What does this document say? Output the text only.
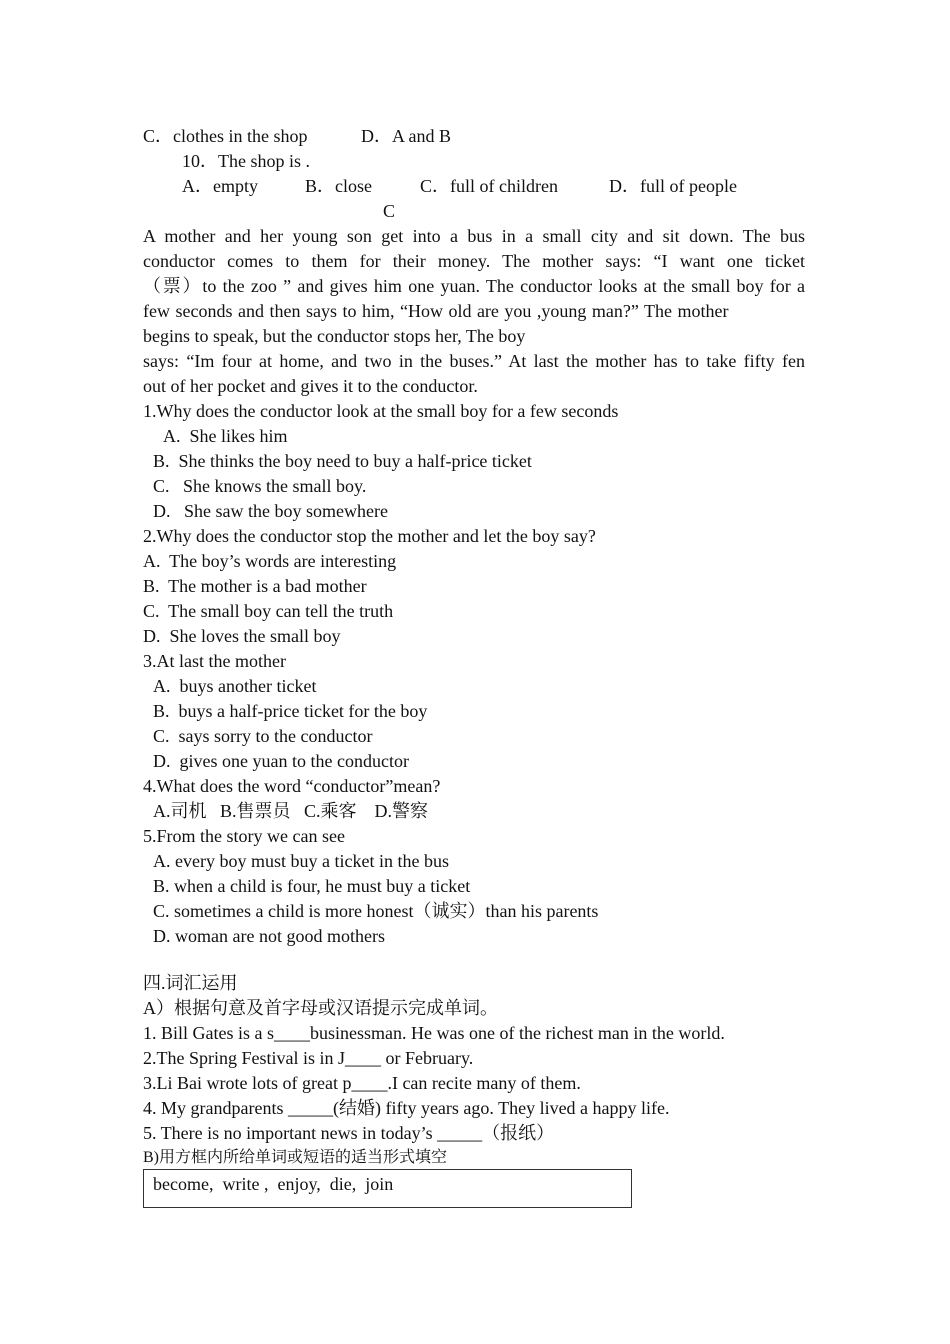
C．clothes in the shop	D．A and B
10．The shop is .
A．empty	B．close	C．full of children	D．full of people
C
A mother and her young son get into a bus in a small city and sit down. The bus
conductor comes to them for their money. The mother says: “I want one ticket
（票）to the zoo ” and gives him one yuan. The conductor looks at the small boy for a
few seconds and then says to him, “How old are you ,young man?” The mother
begins to speak, but the conductor stops her, The boy
says: “Im four at home, and two in the buses.” At last the mother has to take fifty fen
out of her pocket and gives it to the conductor.
1.Why does the conductor look at the small boy for a few seconds
A.  She likes him
B.  She thinks the boy need to buy a half-price ticket
C.   She knows the small boy.
D.   She saw the boy somewhere
2.Why does the conductor stop the mother and let the boy say?
A.  The boy’s words are interesting
B.  The mother is a bad mother
C.  The small boy can tell the truth
D.  She loves the small boy
3.At last the mother
A.  buys another ticket
B.  buys a half-price ticket for the boy
C.  says sorry to the conductor
D.  gives one yuan to the conductor
4.What does the word “conductor”mean?
A.司机   B.售票员   C.乘客    D.警察
5.From the story we can see
A. every boy must buy a ticket in the bus
B. when a child is four, he must buy a ticket
C. sometimes a child is more honest（诚实）than his parents
D. woman are not good mothers
四.词汇运用
A）根据句意及首字母或汉语提示完成单词。
1. Bill Gates is a s____businessman. He was one of the richest man in the world.
2.The Spring Festival is in J____ or February.
3.Li Bai wrote lots of great p____.I can recite many of them.
4. My grandparents _____(结婚) fifty years ago. They lived a happy life.
5. There is no important news in today’s _____（报纸）
B)用方框内所给单词或短语的适当形式填空
become,  write ,  enjoy,  die,  join
